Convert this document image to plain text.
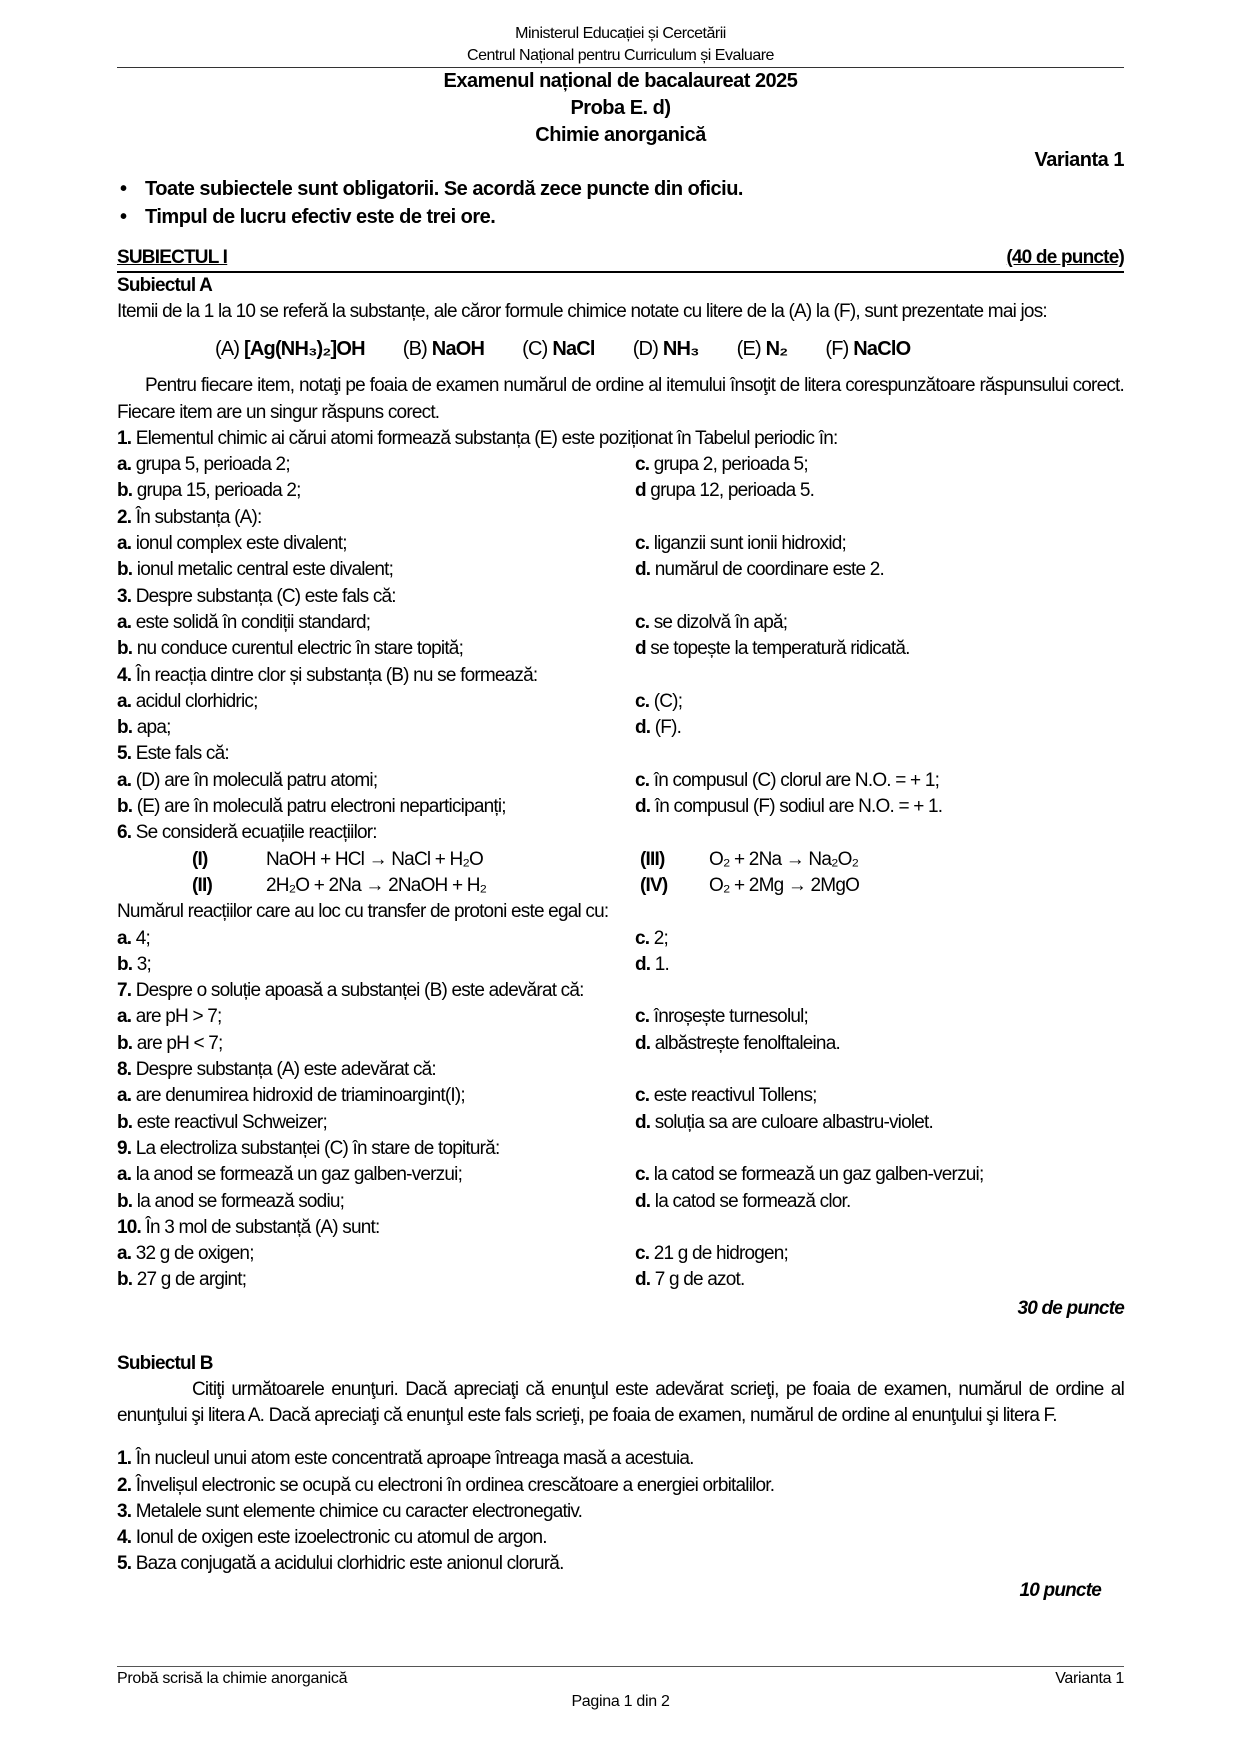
Ministerul Educației și Cercetării
Centrul Național pentru Curriculum și Evaluare
Examenul național de bacalaureat 2025
Proba E. d)
Chimie anorganică
Varianta 1
• Toate subiectele sunt obligatorii. Se acordă zece puncte din oficiu.
• Timpul de lucru efectiv este de trei ore.
SUBIECTUL I	(40 de puncte)
Subiectul A
Itemii de la 1 la 10 se referă la substanțe, ale căror formule chimice notate cu litere de la (A) la (F), sunt prezentate mai jos:
(A) [Ag(NH₃)₂]OH (B) NaOH (C) NaCl (D) NH₃ (E) N₂ (F) NaClO
Pentru fiecare item, notaţi pe foaia de examen numărul de ordine al itemului însoţit de litera corespunzătoare răspunsului corect. Fiecare item are un singur răspuns corect.
1. Elementul chimic ai cărui atomi formează substanța (E) este poziționat în Tabelul periodic în:
a. grupa 5, perioada 2;	c. grupa 2, perioada 5;
b. grupa 15, perioada 2;	d grupa 12, perioada 5.
2. În substanța (A):
a. ionul complex este divalent;	c. liganzii sunt ionii hidroxid;
b. ionul metalic central este divalent;	d. numărul de coordinare este 2.
3. Despre substanța (C) este fals că:
a. este solidă în condiții standard;	c. se dizolvă în apă;
b. nu conduce curentul electric în stare topită;	d se topește la temperatură ridicată.
4. În reacția dintre clor și substanța (B) nu se formează:
a. acidul clorhidric;	c. (C);
b. apa;	d. (F).
5. Este fals că:
a. (D) are în moleculă patru atomi;	c. în compusul (C) clorul are N.O. = + 1;
b. (E) are în moleculă patru electroni neparticipanți;	d. în compusul (F) sodiul are N.O. = + 1.
6.
Se consideră ecuațiile reacțiilor:
(I)	NaOH + HCl → NaCl + H₂O	(III)	O₂ + 2Na → Na₂O₂
(II)	2H₂O + 2Na → 2NaOH + H₂	(IV)	O₂ + 2Mg → 2MgO
Numărul reacțiilor care au loc cu transfer de protoni este egal cu:
a. 4;	c. 2;
b. 3;	d. 1.
7. Despre o soluție apoasă a substanței (B) este adevărat că:
a. are pH > 7;	c. înroșește turnesolul;
b. are pH < 7;	d. albăstrește fenolftaleina.
8. Despre substanța (A) este adevărat că:
a. are denumirea hidroxid de triaminoargint(I);	c. este reactivul Tollens;
b. este reactivul Schweizer;	d. soluția sa are culoare albastru-violet.
9. La electroliza substanței (C) în stare de topitură:
a. la anod se formează un gaz galben-verzui;	c. la catod se formează un gaz galben-verzui;
b. la anod se formează sodiu;	d. la catod se formează clor.
10. În 3 mol de substanță (A) sunt:
a. 32 g de oxigen;	c. 21 g de hidrogen;
b. 27 g de argint;	d. 7 g de azot.
30 de puncte
Subiectul B
Citiţi următoarele enunţuri. Dacă apreciaţi că enunţul este adevărat scrieţi, pe foaia de examen, numărul de ordine al enunţului şi litera A. Dacă apreciaţi că enunţul este fals scrieţi, pe foaia de examen, numărul de ordine al enunţului şi litera F.
1. În nucleul unui atom este concentrată aproape întreaga masă a acestuia.
2. Învelișul electronic se ocupă cu electroni în ordinea crescătoare a energiei orbitalilor.
3. Metalele sunt elemente chimice cu caracter electronegativ.
4. Ionul de oxigen este izoelectronic cu atomul de argon.
5. Baza conjugată a acidului clorhidric este anionul clorură.
10 puncte
Probă scrisă la chimie anorganică	Varianta 1
Pagina 1 din 2
